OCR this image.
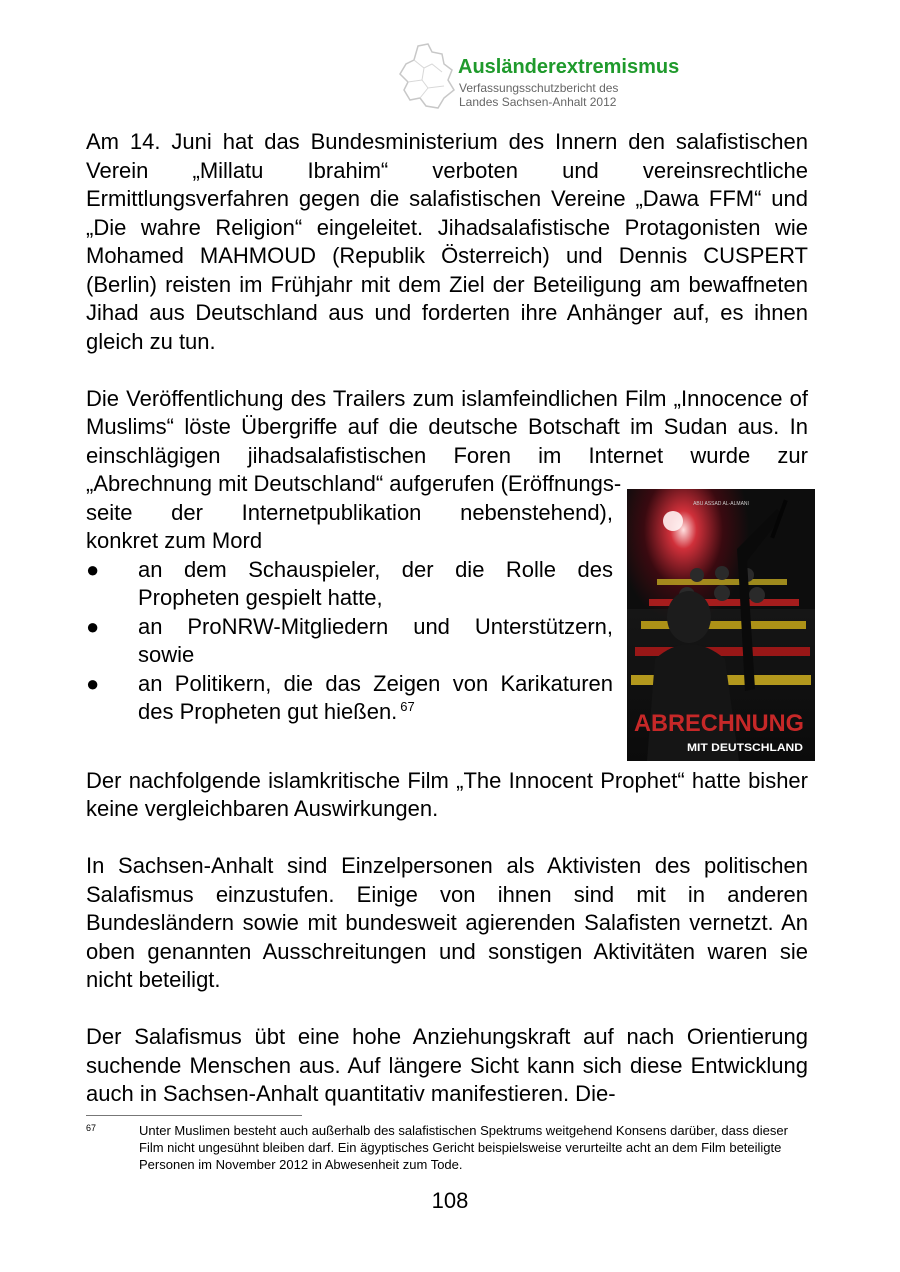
Ausländerextremismus

Verfassungsschutzbericht des

Landes Sachsen-Anhalt 2012

Am 14. Juni hat das Bundesministerium des Innern den salafistischen Verein „Millatu Ibrahim“ verboten und vereinsrechtliche Ermittlungsverfahren gegen die salafistischen Vereine „Dawa FFM“ und „Die wahre Religion“ eingeleitet. Jihadsalafistische Protagonisten wie Mohamed MAHMOUD (Republik Österreich) und Dennis CUSPERT (Berlin) reisten im Frühjahr mit dem Ziel der Beteiligung am bewaffneten Jihad aus Deutschland aus und forderten ihre Anhänger auf, es ihnen gleich zu tun.

Die Veröffentlichung des Trailers zum islamfeindlichen Film „Innocence of Muslims“ löste Übergriffe auf die deutsche Botschaft im Sudan aus. In einschlägigen jihadsalafistischen Foren im Internet wurde zur „Abrechnung mit Deutschland“ aufgerufen (Eröffnungs-

seite der Internetpublikation nebenstehend),
konkret zum Mord
● an dem Schauspieler, der die Rolle des Propheten gespielt hatte,
● an ProNRW-Mitgliedern und Unterstützern, sowie
● an Politikern, die das Zeigen von Karikaturen des Propheten gut hießen. $^{67}$
ABU ASSAD AL-ALMANI
ABRECHNUNG
MIT DEUTSCHLAND

Der nachfolgende islamkritische Film „The Innocent Prophet“ hatte bisher keine vergleichbaren Auswirkungen.

In Sachsen-Anhalt sind Einzelpersonen als Aktivisten des politischen Salafismus einzustufen. Einige von ihnen sind mit in anderen Bundesländern sowie mit bundesweit agierenden Salafisten vernetzt. An oben genannten Ausschreitungen und sonstigen Aktivitäten waren sie nicht beteiligt.

Der Salafismus übt eine hohe Anziehungskraft auf nach Orientierung suchende Menschen aus. Auf längere Sicht kann sich diese Entwicklung auch in Sachsen-Anhalt quantitativ manifestieren. Die-

67	Unter Muslimen besteht auch außerhalb des salafistischen Spektrums weitgehend Konsens darüber, dass dieser Film nicht ungesühnt bleiben darf. Ein ägyptisches Gericht beispielsweise verurteilte acht an dem Film beteiligte Personen im November 2012 in Abwesenheit zum Tode.
108
